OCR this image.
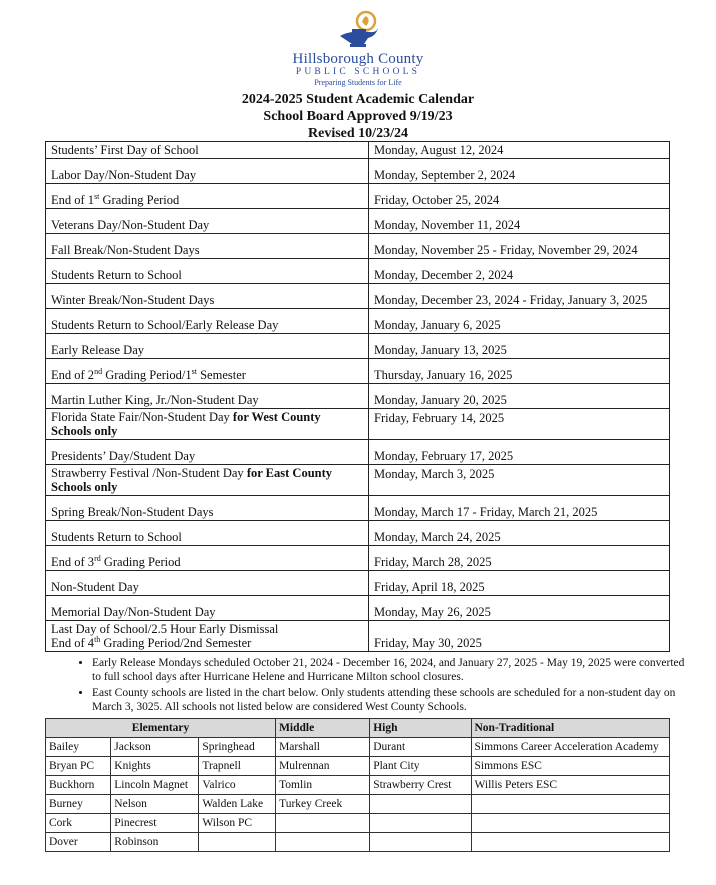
Hillsborough County
PUBLIC SCHOOLS
Preparing Students for Life
2024-2025 Student Academic Calendar
School Board Approved 9/19/23
Revised 10/23/24
Students’ First Day of School	Monday, August 12, 2024
Labor Day/Non-Student Day	Monday, September 2, 2024
End of 1st Grading Period	Friday, October 25, 2024
Veterans Day/Non-Student Day	Monday, November 11, 2024
Fall Break/Non-Student Days	Monday, November 25 - Friday, November 29, 2024
Students Return to School	Monday, December 2, 2024
Winter Break/Non-Student Days	Monday, December 23, 2024 - Friday, January 3, 2025
Students Return to School/Early Release Day	Monday, January 6, 2025
Early Release Day	Monday, January 13, 2025
End of 2nd Grading Period/1st Semester	Thursday, January 16, 2025
Martin Luther King, Jr./Non-Student Day	Monday, January 20, 2025
Florida State Fair/Non-Student Day for West County Schools only	Friday, February 14, 2025
Presidents’ Day/Student Day	Monday, February 17, 2025
Strawberry Festival /Non-Student Day for East County Schools only	Monday, March 3, 2025
Spring Break/Non-Student Days	Monday, March 17 - Friday, March 21, 2025
Students Return to School	Monday, March 24, 2025
End of 3rd Grading Period	Friday, March 28, 2025
Non-Student Day	Friday, April 18, 2025
Memorial Day/Non-Student Day	Monday, May 26, 2025
Last Day of School/2.5 Hour Early Dismissal
End of 4th Grading Period/2nd Semester	Friday, May 30, 2025
• Early Release Mondays scheduled October 21, 2024 - December 16, 2024, and January 27, 2025 - May 19, 2025 were converted to full school days after Hurricane Helene and Hurricane Milton school closures.
• East County schools are listed in the chart below. Only students attending these schools are scheduled for a non-student day on March 3, 3025. All schools not listed below are considered West County Schools.
Elementary			Middle	High	Non-Traditional
Bailey	Jackson	Springhead	Marshall	Durant	Simmons Career Acceleration Academy
Bryan PC	Knights	Trapnell	Mulrennan	Plant City	Simmons ESC
Buckhorn	Lincoln Magnet	Valrico	Tomlin	Strawberry Crest	Willis Peters ESC
Burney	Nelson	Walden Lake	Turkey Creek		
Cork	Pinecrest	Wilson PC			
Dover	Robinson				
